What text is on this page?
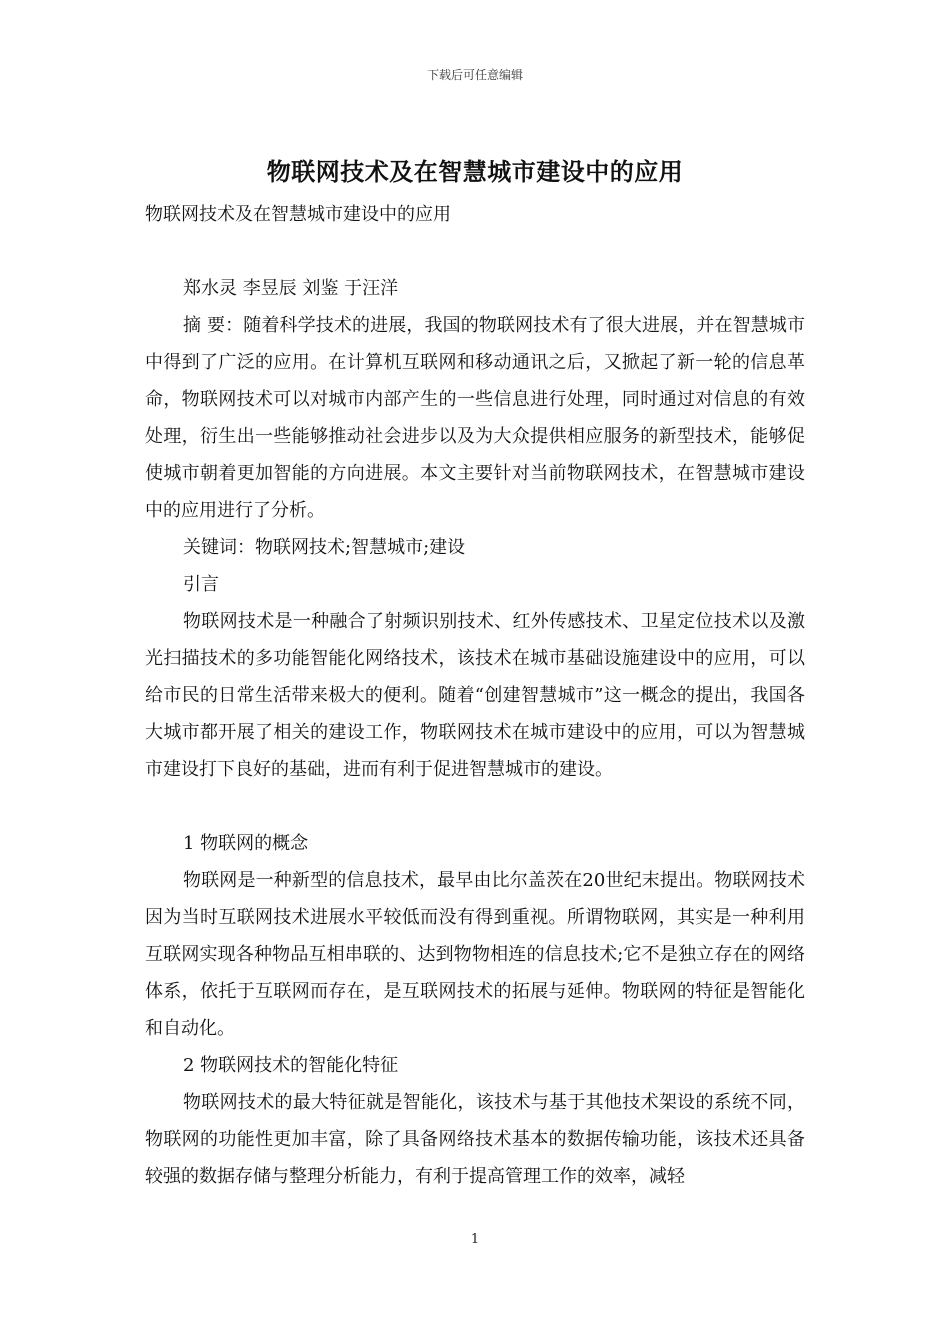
下载后可任意编辑
物联网技术及在智慧城市建设中的应用

物联网技术及在智慧城市建设中的应用

郑水灵 李昱辰 刘鉴 于汪洋

摘 要：随着科学技术的进展，我国的物联网技术有了很大进展，并在智慧城市中得到了广泛的应用。在计算机互联网和移动通讯之后，又掀起了新一轮的信息革命，物联网技术可以对城市内部产生的一些信息进行处理，同时通过对信息的有效处理，衍生出一些能够推动社会进步以及为大众提供相应服务的新型技术，能够促使城市朝着更加智能的方向进展。本文主要针对当前物联网技术，在智慧城市建设中的应用进行了分析。

关键词：物联网技术;智慧城市;建设

引言

物联网技术是一种融合了射频识别技术、红外传感技术、卫星定位技术以及激光扫描技术的多功能智能化网络技术，该技术在城市基础设施建设中的应用，可以给市民的日常生活带来极大的便利。随着“创建智慧城市”这一概念的提出，我国各大城市都开展了相关的建设工作，物联网技术在城市建设中的应用，可以为智慧城市建设打下良好的基础，进而有利于促进智慧城市的建设。

1 物联网的概念

物联网是一种新型的信息技术，最早由比尔盖茨在20世纪末提出。物联网技术因为当时互联网技术进展水平较低而没有得到重视。所谓物联网，其实是一种利用互联网实现各种物品互相串联的、达到物物相连的信息技术;它不是独立存在的网络体系，依托于互联网而存在，是互联网技术的拓展与延伸。物联网的特征是智能化和自动化。

2 物联网技术的智能化特征

物联网技术的最大特征就是智能化，该技术与基于其他技术架设的系统不同，物联网的功能性更加丰富，除了具备网络技术基本的数据传输功能，该技术还具备较强的数据存储与整理分析能力，有利于提高管理工作的效率，减轻

1
